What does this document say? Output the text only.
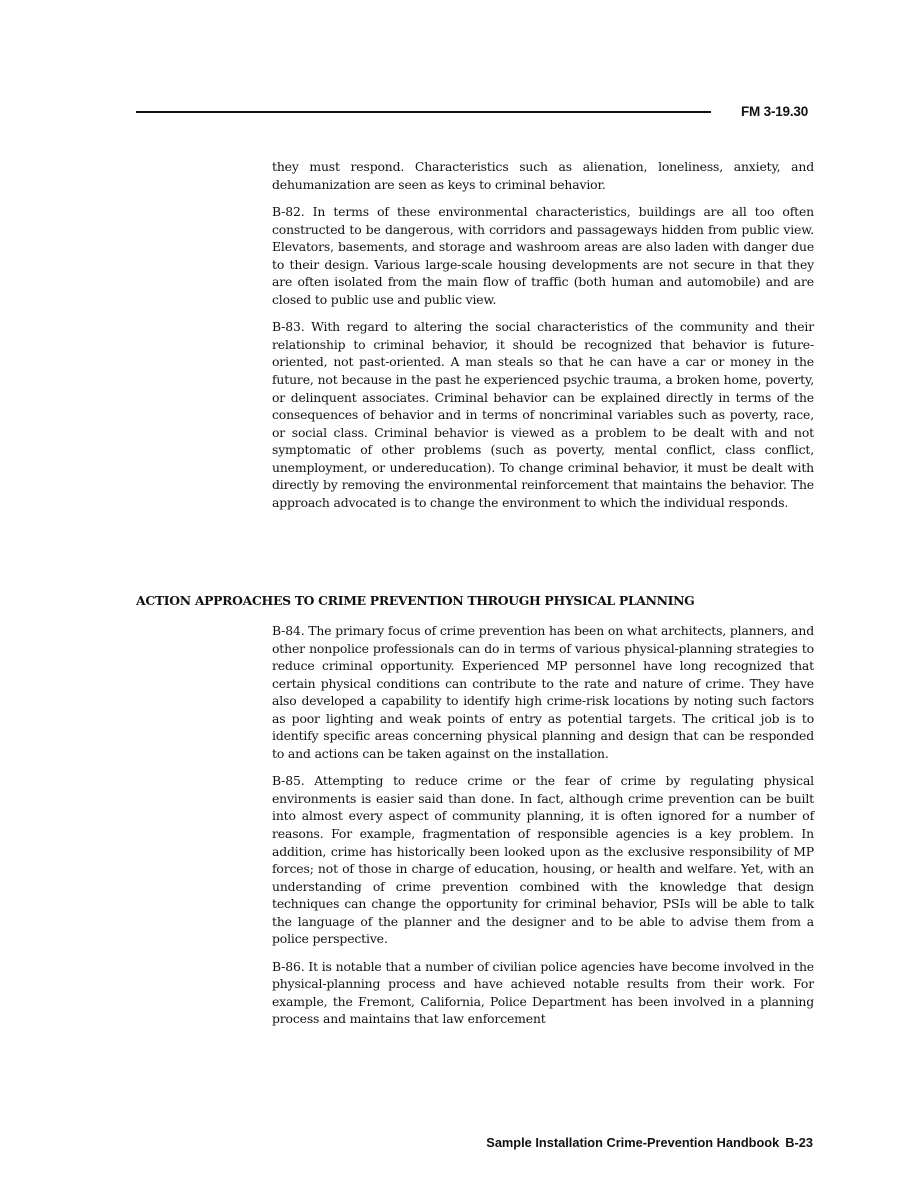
FM 3-19.30

they must respond. Characteristics such as alienation, loneliness, anxiety, and dehumanization are seen as keys to criminal behavior.

B-82. In terms of these environmental characteristics, buildings are all too often constructed to be dangerous, with corridors and passageways hidden from public view. Elevators, basements, and storage and washroom areas are also laden with danger due to their design. Various large-scale housing developments are not secure in that they are often isolated from the main flow of traffic (both human and automobile) and are closed to public use and public view.

B-83. With regard to altering the social characteristics of the community and their relationship to criminal behavior, it should be recognized that behavior is future-oriented, not past-oriented. A man steals so that he can have a car or money in the future, not because in the past he experienced psychic trauma, a broken home, poverty, or delinquent associates. Criminal behavior can be explained directly in terms of the consequences of behavior and in terms of noncriminal variables such as poverty, race, or social class. Criminal behavior is viewed as a problem to be dealt with and not symptomatic of other problems (such as poverty, mental conflict, class conflict, unemployment, or undereducation). To change criminal behavior, it must be dealt with directly by removing the environmental reinforcement that maintains the behavior. The approach advocated is to change the environment to which the individual responds.

ACTION APPROACHES TO CRIME PREVENTION THROUGH PHYSICAL PLANNING

B-84. The primary focus of crime prevention has been on what architects, planners, and other nonpolice professionals can do in terms of various physical-planning strategies to reduce criminal opportunity. Experienced MP personnel have long recognized that certain physical conditions can contribute to the rate and nature of crime. They have also developed a capability to identify high crime-risk locations by noting such factors as poor lighting and weak points of entry as potential targets. The critical job is to identify specific areas concerning physical planning and design that can be responded to and actions can be taken against on the installation.

B-85. Attempting to reduce crime or the fear of crime by regulating physical environments is easier said than done. In fact, although crime prevention can be built into almost every aspect of community planning, it is often ignored for a number of reasons. For example, fragmentation of responsible agencies is a key problem. In addition, crime has historically been looked upon as the exclusive responsibility of MP forces; not of those in charge of education, housing, or health and welfare. Yet, with an understanding of crime prevention combined with the knowledge that design techniques can change the opportunity for criminal behavior, PSIs will be able to talk the language of the planner and the designer and to be able to advise them from a police perspective.

B-86. It is notable that a number of civilian police agencies have become involved in the physical-planning process and have achieved notable results from their work. For example, the Fremont, California, Police Department has been involved in a planning process and maintains that law enforcement

Sample Installation Crime-Prevention Handbook B-23
